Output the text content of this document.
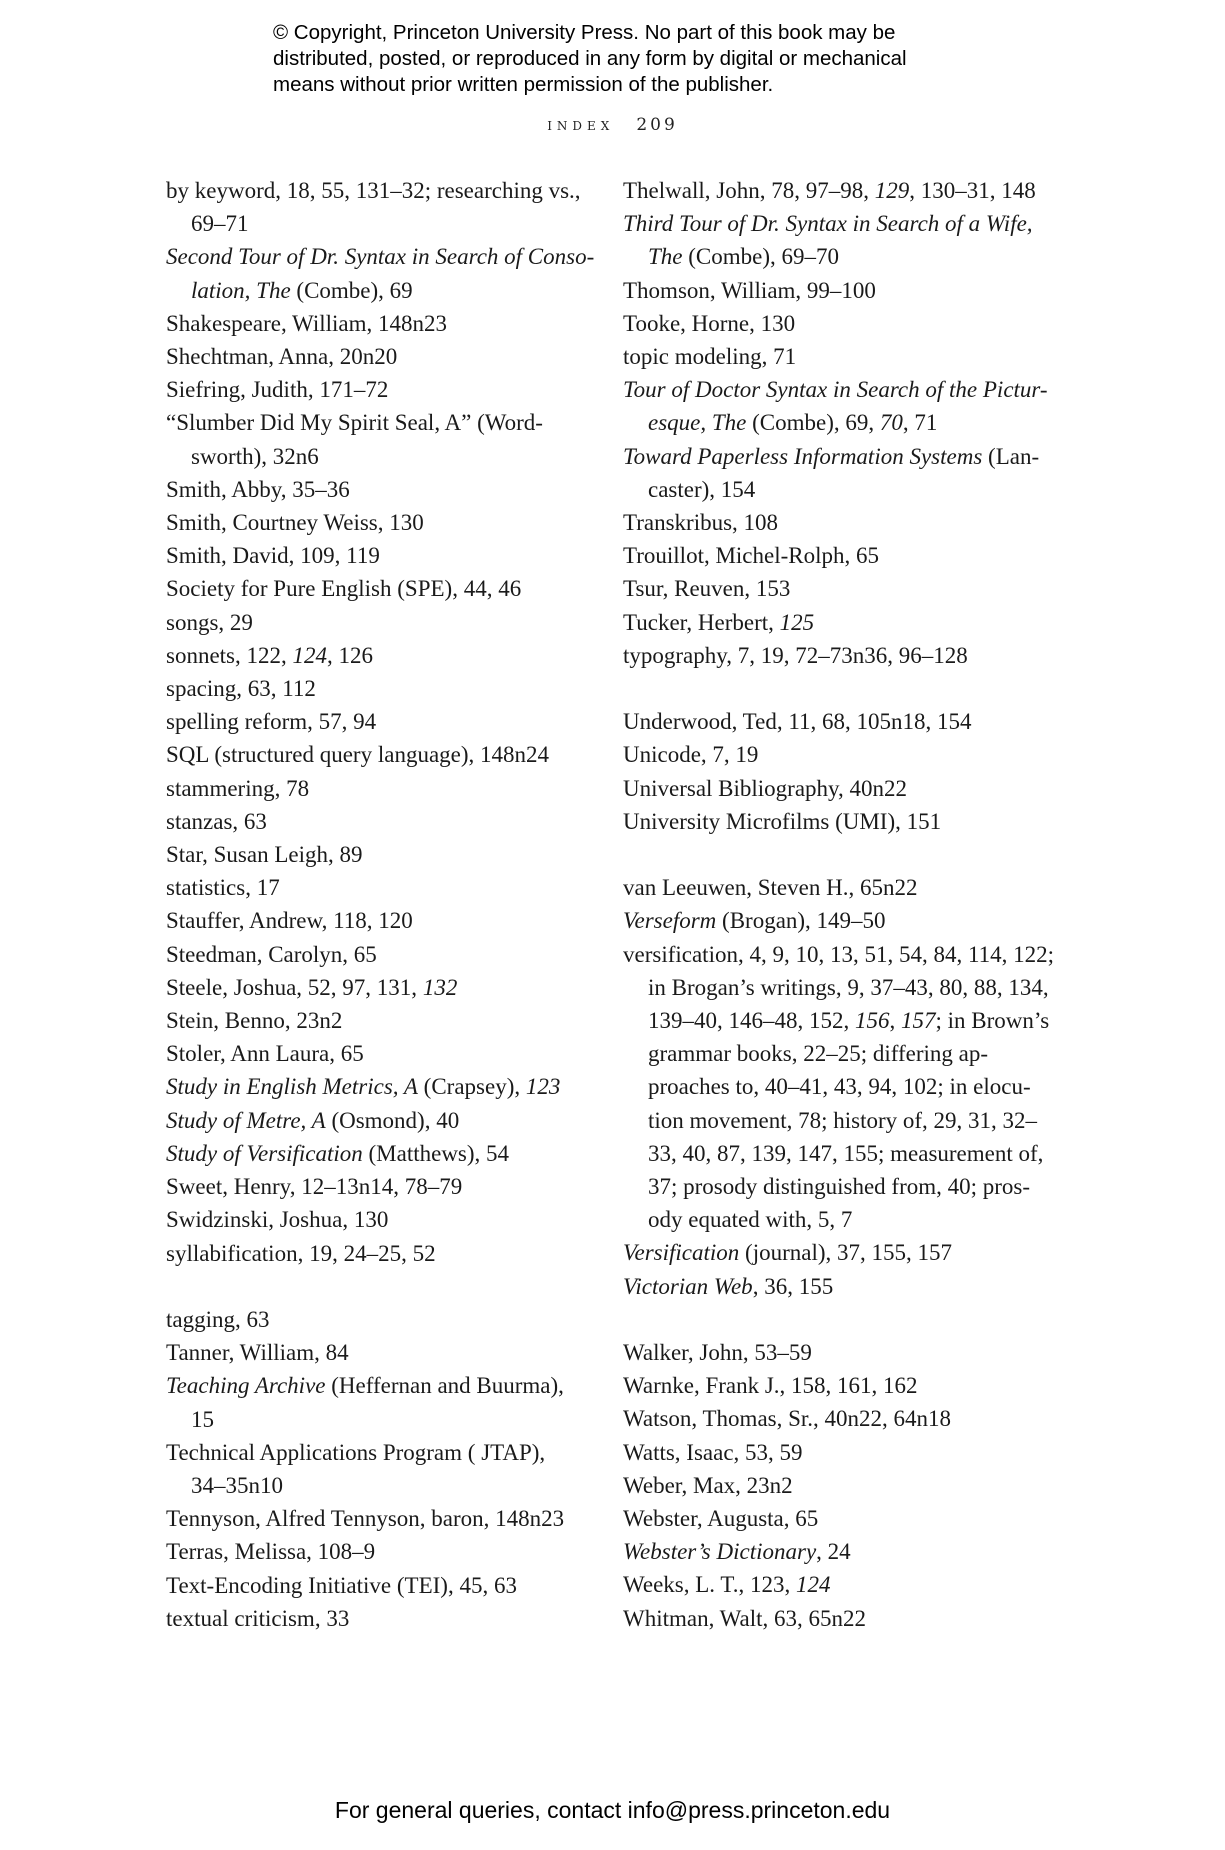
© Copyright, Princeton University Press. No part of this book may be
distributed, posted, or reproduced in any form by digital or mechanical
means without prior written permission of the publisher.
index 209
by keyword, 18, 55, 131–32; researching vs.,
69–71
Second Tour of Dr. Syntax in Search of Conso-
lation, The (Combe), 69
Shakespeare, William, 148n23
Shechtman, Anna, 20n20
Siefring, Judith, 171–72
“Slumber Did My Spirit Seal, A” (Word-
sworth), 32n6
Smith, Abby, 35–36
Smith, Courtney Weiss, 130
Smith, David, 109, 119
Society for Pure English (SPE), 44, 46
songs, 29
sonnets, 122, 124, 126
spacing, 63, 112
spelling reform, 57, 94
SQL (structured query language), 148n24
stammering, 78
stanzas, 63
Star, Susan Leigh, 89
statistics, 17
Stauffer, Andrew, 118, 120
Steedman, Carolyn, 65
Steele, Joshua, 52, 97, 131, 132
Stein, Benno, 23n2
Stoler, Ann Laura, 65
Study in English Metrics, A (Crapsey), 123
Study of Metre, A (Osmond), 40
Study of Versification (Matthews), 54
Sweet, Henry, 12–13n14, 78–79
Swidzinski, Joshua, 130
syllabification, 19, 24–25, 52
tagging, 63
Tanner, William, 84
Teaching Archive (Heffernan and Buurma),
15
Technical Applications Program ( JTAP),
34–35n10
Tennyson, Alfred Tennyson, baron, 148n23
Terras, Melissa, 108–9
Text-Encoding Initiative (TEI), 45, 63
textual criticism, 33
Thelwall, John, 78, 97–98, 129, 130–31, 148
Third Tour of Dr. Syntax in Search of a Wife,
The (Combe), 69–70
Thomson, William, 99–100
Tooke, Horne, 130
topic modeling, 71
Tour of Doctor Syntax in Search of the Pictur-
esque, The (Combe), 69, 70, 71
Toward Paperless Information Systems (Lan-
caster), 154
Transkribus, 108
Trouillot, Michel-Rolph, 65
Tsur, Reuven, 153
Tucker, Herbert, 125
typography, 7, 19, 72–73n36, 96–128
Underwood, Ted, 11, 68, 105n18, 154
Unicode, 7, 19
Universal Bibliography, 40n22
University Microfilms (UMI), 151
van Leeuwen, Steven H., 65n22
Verseform (Brogan), 149–50
versification, 4, 9, 10, 13, 51, 54, 84, 114, 122;
in Brogan’s writings, 9, 37–43, 80, 88, 134,
139–40, 146–48, 152, 156, 157; in Brown’s
grammar books, 22–25; differing ap-
proaches to, 40–41, 43, 94, 102; in elocu-
tion movement, 78; history of, 29, 31, 32–
33, 40, 87, 139, 147, 155; measurement of,
37; prosody distinguished from, 40; pros-
ody equated with, 5, 7
Versification (journal), 37, 155, 157
Victorian Web, 36, 155
Walker, John, 53–59
Warnke, Frank J., 158, 161, 162
Watson, Thomas, Sr., 40n22, 64n18
Watts, Isaac, 53, 59
Weber, Max, 23n2
Webster, Augusta, 65
Webster’s Dictionary, 24
Weeks, L. T., 123, 124
Whitman, Walt, 63, 65n22
For general queries, contact info@press.princeton.edu
